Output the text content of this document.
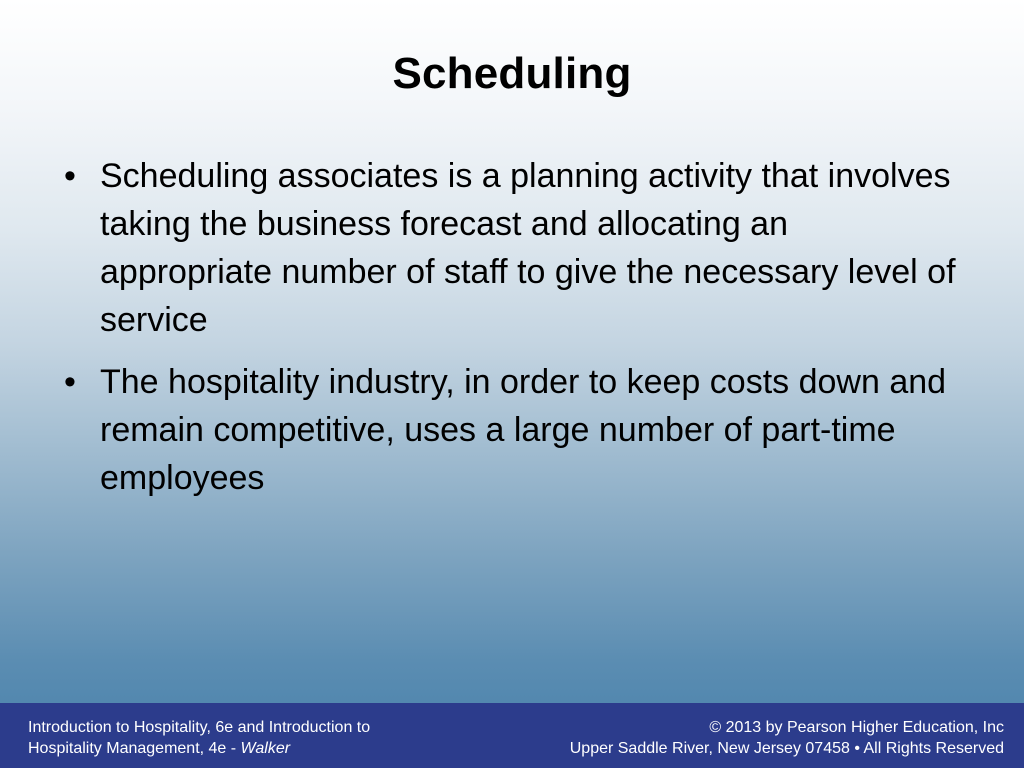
Scheduling
• Scheduling associates is a planning activity that involves taking the business forecast and allocating an appropriate number of staff to give the necessary level of service
• The hospitality industry, in order to keep costs down and remain competitive, uses a large number of part-time employees
Introduction to Hospitality, 6e and Introduction to
Hospitality Management, 4e - Walker
© 2013 by Pearson Higher Education, Inc
Upper Saddle River, New Jersey 07458 • All Rights Reserved
